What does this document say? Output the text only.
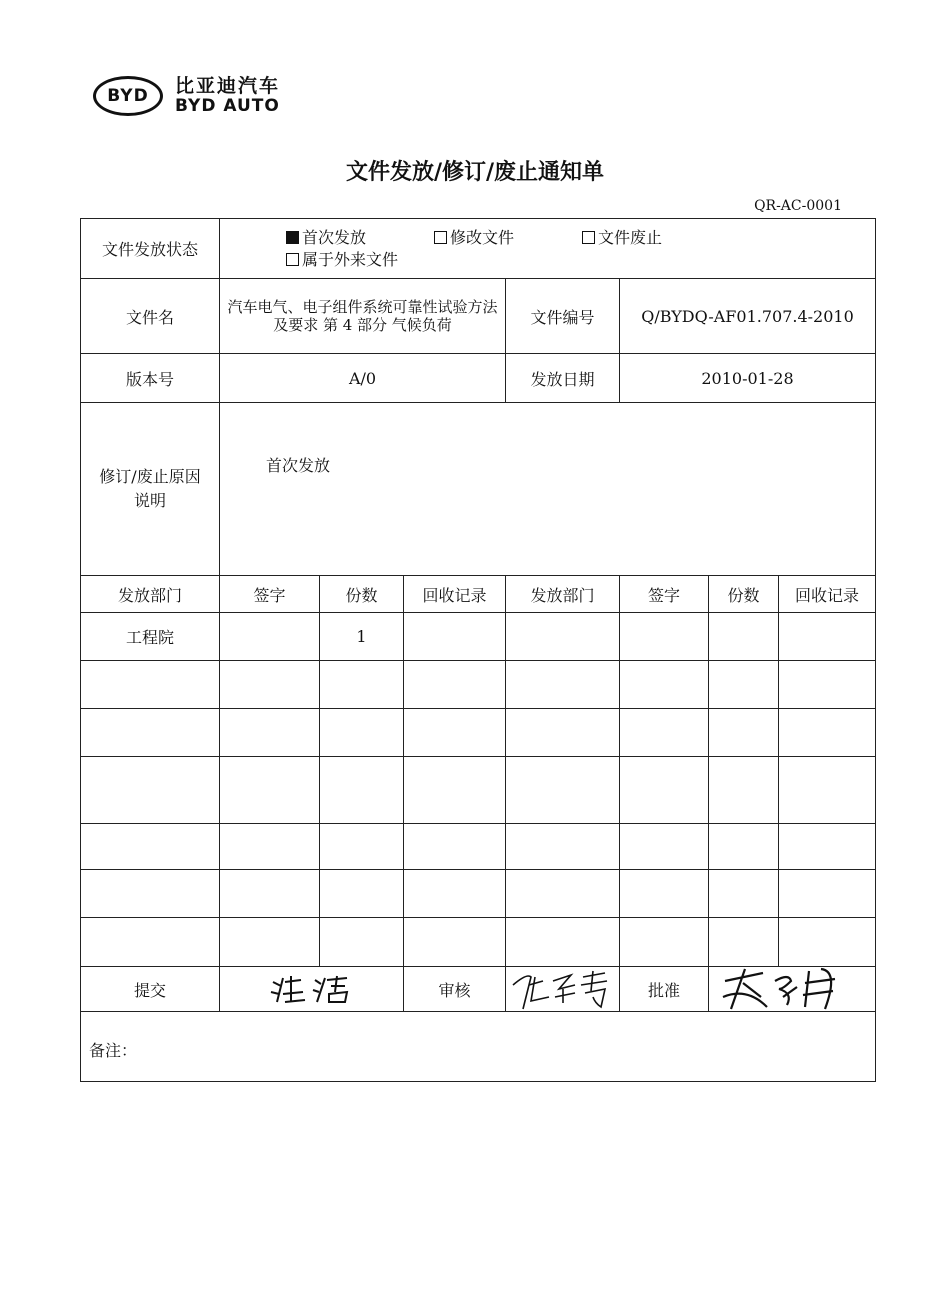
BYD	比亚迪汽车
BYD AUTO
文件发放/修订/废止通知单
QR-AC-0001
文件发放状态	首次发放 修改文件 文件废止
属于外来文件						
文件名	汽车电气、电子组件系统可靠性试验方法及要求 第 4 部分 气候负荷			文件编号	Q/BYDQ-AF01.707.4-2010		
版本号	A/0			发放日期	2010-01-28		
修订/废止原因说明	首次发放						
发放部门	签字	份数	回收记录	发放部门	签字	份数	回收记录
工程院		1					

提交			审核		批准	

备注：							
